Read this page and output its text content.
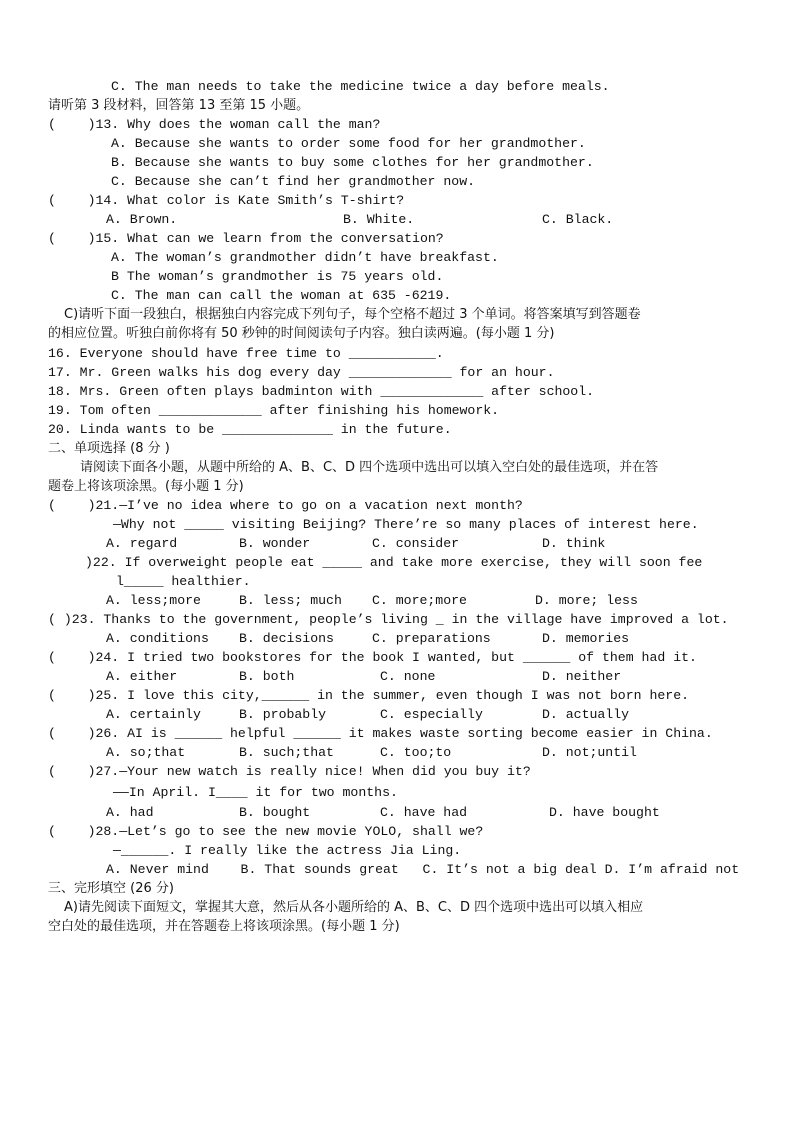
C. The man needs to take the medicine twice a day before meals.
请听第 3 段材料，回答第 13 至第 15 小题。
(    )13. Why does the woman call the man?
A. Because she wants to order some food for her grandmother.
B. Because she wants to buy some clothes for her grandmother.
C. Because she can’t find her grandmother now.
(    )14. What color is Kate Smith’s T-shirt?
A. Brown.	B. White.	C. Black.
(    )15. What can we learn from the conversation?
A. The woman’s grandmother didn’t have breakfast.
B The woman’s grandmother is 75 years old.
C. The man can call the woman at 635 -6219.
C)请听下面一段独白，根据独白内容完成下列句子，每个空格不超过 3 个单词。将答案填写到答题卷
的相应位置。听独白前你将有 50 秒钟的时间阅读句子内容。独白读两遍。(每小题 1 分)
16. Everyone should have free time to ___________.
17. Mr. Green walks his dog every day _____________ for an hour.
18. Mrs. Green often plays badminton with _____________ after school.
19. Tom often _____________ after finishing his homework.
20. Linda wants to be ______________ in the future.
二、单项选择 (8 分 )
请阅读下面各小题，从题中所给的 A、B、C、D 四个选项中选出可以填入空白处的最佳选项，并在答
题卷上将该项涂黑。(每小题 1 分)
(    )21.—I’ve no idea where to go on a vacation next month?
—Why not _____ visiting Beijing? There’re so many places of interest here.
A. regard	B. wonder	C. consider	D. think
)22. If overweight people eat _____ and take more exercise, they will soon fee
l_____ healthier.
A. less;more	B. less; much C. more;more	D. more; less
( )23. Thanks to the government, people’s living _ in the village have improved a lot.
A. conditions B. decisions	C. preparations	D. memories
(    )24. I tried two bookstores for the book I wanted, but ______ of them had it.
A. either	B. both	C. none	D. neither
(    )25. I love this city,______ in the summer, even though I was not born here.
A. certainly	B. probably	C. especially	D. actually
(    )26. AI is ______ helpful ______ it makes waste sorting become easier in China.
A. so;that	B. such;that	C. too;to	D. not;until
(    )27.—Your new watch is really nice! When did you buy it?
——In April. I____ it for two months.
A. had	B. bought	C. have had	D. have bought
(    )28.—Let’s go to see the new movie YOLO, shall we?
—______. I really like the actress Jia Ling.
A. Never mind    B. That sounds great   C. It’s not a big deal D. I’m afraid not
三、完形填空 (26 分)
A)请先阅读下面短文，掌握其大意，然后从各小题所给的 A、B、C、D 四个选项中选出可以填入相应
空白处的最佳选项，并在答题卷上将该项涂黑。(每小题 1 分)
